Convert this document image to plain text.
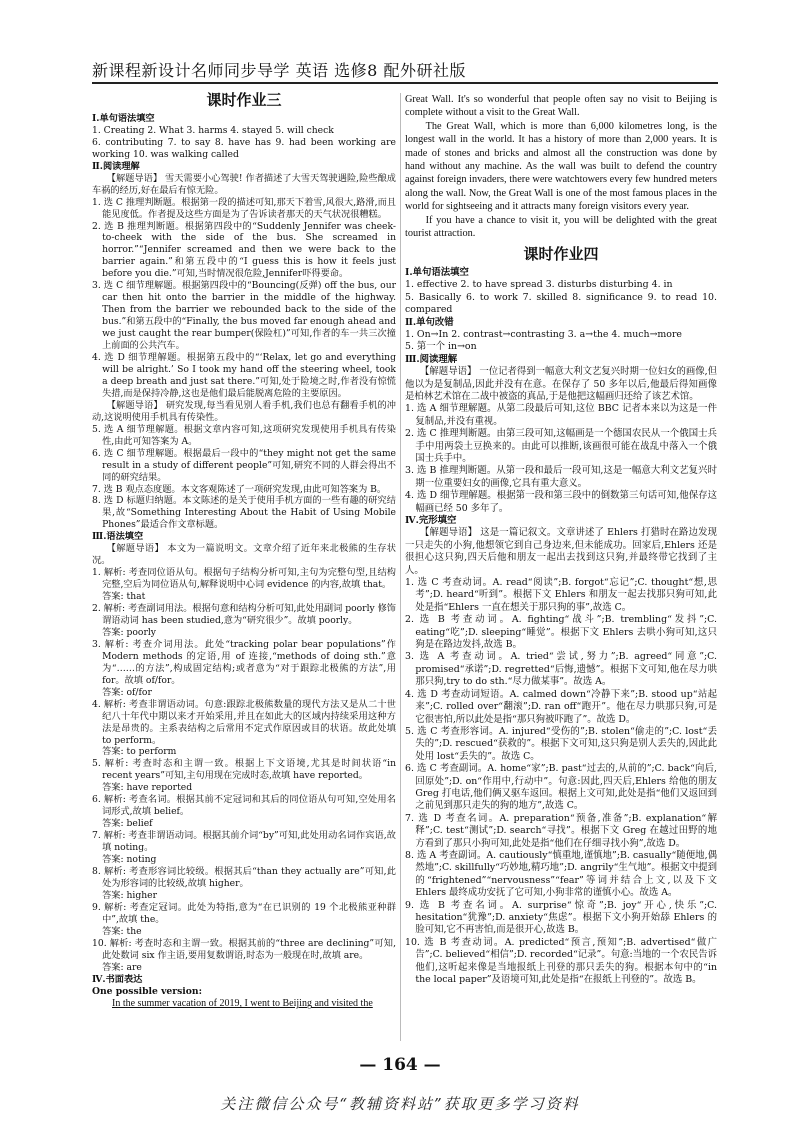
新课程新设计名师同步导学 英语 选修8 配外研社版
课时作业三

Ⅰ.单句语法填空

1. Creating 2. What 3. harms 4. stayed 5. will check

6. contributing 7. to say 8. have has 9. had been working are working 10. was walking called

Ⅱ.阅读理解

【解题导语】 雪天需要小心驾驶! 作者描述了大雪天驾驶遇险,险些酿成车祸的经历,好在最后有惊无险。

1. 选 C 推理判断题。根据第一段的描述可知,那天下着雪,风很大,路滑,而且能见度低。作者提及这些方面是为了告诉读者那天的天气状况很糟糕。

2. 选 B 推理判断题。根据第四段中的“Suddenly Jennifer was cheek-to-cheek with the side of the bus. She screamed in horror.”“Jennifer screamed and then we were back to the barrier again.”和第五段中的“I guess this is how it feels just before you die.”可知,当时情况很危险,Jennifer吓得要命。

3. 选 C 细节理解题。根据第四段中的“Bouncing(反弹) off the bus, our car then hit onto the barrier in the middle of the highway. Then from the barrier we rebounded back to the side of the bus.”和第五段中的“Finally, the bus moved far enough ahead and we just caught the rear bumper(保险杠)”可知,作者的车一共三次撞上前面的公共汽车。

4. 选 D 细节理解题。根据第五段中的“‘Relax, let go and everything will be alright.’ So I took my hand off the steering wheel, took a deep breath and just sat there.”可知,处于险境之时,作者没有惊慌失措,而是保持冷静,这也是他们最后能脱离危险的主要原因。

【解题导语】 研究发现,每当看见别人看手机,我们也总有翻看手机的冲动,这说明使用手机具有传染性。

5. 选 A 细节理解题。根据文章内容可知,这项研究发现使用手机具有传染性,由此可知答案为 A。

6. 选 C 细节理解题。根据最后一段中的“they might not get the same result in a study of different people”可知,研究不同的人群会得出不同的研究结果。

7. 选 B 观点态度题。本文客观陈述了一项研究发现,由此可知答案为 B。

8. 选 D 标题归纳题。本文陈述的是关于使用手机方面的一些有趣的研究结果,故“Something Interesting About the Habit of Using Mobile Phones”最适合作文章标题。

Ⅲ.语法填空

【解题导语】 本文为一篇说明文。文章介绍了近年来北极熊的生存状况。

1. 解析: 考查同位语从句。根据句子结构分析可知,主句为完整句型,且结构完整,空后为同位语从句,解释说明中心词 evidence 的内容,故填 that。

答案: that

2. 解析: 考查副词用法。根据句意和结构分析可知,此处用副词 poorly 修饰谓语动词 has been studied,意为“研究很少”。故填 poorly。

答案: poorly

3. 解析: 考查介词用法。此处“tracking polar bear populations”作 Modern methods 的定语,用 of 连接,“methods of doing sth.”意为“……的方法”,构成固定结构;或者意为“对于跟踪北极熊的方法”,用 for。故填 of/for。

答案: of/for

4. 解析: 考查非谓语动词。句意:跟踪北极熊数量的现代方法又是从二十世纪八十年代中期以来才开始采用,并且在如此大的区域内持续采用这种方法是昂贵的。主系表结构之后常用不定式作原因或目的状语。故此处填 to perform。

答案: to perform

5. 解析: 考查时态和主谓一致。根据上下文语境,尤其是时间状语“in recent years”可知,主句用现在完成时态,故填 have reported。

答案: have reported

6. 解析: 考查名词。根据其前不定冠词和其后的同位语从句可知,空处用名词形式,故填 belief。

答案: belief

7. 解析: 考查非谓语动词。根据其前介词“by”可知,此处用动名词作宾语,故填 noting。

答案: noting

8. 解析: 考查形容词比较级。根据其后“than they actually are”可知,此处为形容词的比较级,故填 higher。

答案: higher

9. 解析: 考查定冠词。此处为特指,意为“在已识别的 19 个北极熊亚种群中”,故填 the。

答案: the

10. 解析: 考查时态和主谓一致。根据其前的“three are declining”可知,此处数词 six 作主语,要用复数谓语,时态为一般现在时,故填 are。

答案: are

Ⅳ.书面表达

One possible version:

In the summer vacation of 2019, I went to Beijing and visited the

Great Wall. It's so wonderful that people often say no visit to Beijing is complete without a visit to the Great Wall.

The Great Wall, which is more than 6,000 kilometres long, is the longest wall in the world. It has a history of more than 2,000 years. It is made of stones and bricks and almost all the construction was done by hand without any machine. As the wall was built to defend the country against foreign invaders, there were watchtowers every few hundred meters along the wall. Now, the Great Wall is one of the most famous places in the world for sightseeing and it attracts many foreign visitors every year.

If you have a chance to visit it, you will be delighted with the great tourist attraction.

课时作业四

Ⅰ.单句语法填空

1. effective 2. to have spread 3. disturbs disturbing 4. in

5. Basically 6. to work 7. skilled 8. significance 9. to read 10. compared

Ⅱ.单句改错

1. On→In 2. contrast→contrasting 3. a→the 4. much→more

5. 第一个 in→on

Ⅲ.阅读理解

【解题导语】 一位记者得到一幅意大利文艺复兴时期一位妇女的画像,但他以为是复制品,因此并没有在意。在保存了 50 多年以后,他最后得知画像是柏林艺术馆在二战中被盗的真品,于是他把这幅画归还给了该艺术馆。

1. 选 A 细节理解题。从第二段最后可知,这位 BBC 记者本来以为这是一件复制品,并没有重视。

2. 选 C 推理判断题。由第三段可知,这幅画是一个德国农民从一个俄国士兵手中用两袋土豆换来的。由此可以推断,该画很可能在战乱中落入一个俄国士兵手中。

3. 选 B 推理判断题。从第一段和最后一段可知,这是一幅意大利文艺复兴时期一位重要妇女的画像,它具有重大意义。

4. 选 D 细节理解题。根据第一段和第三段中的倒数第三句话可知,他保存这幅画已经 50 多年了。

Ⅳ.完形填空

【解题导语】 这是一篇记叙文。文章讲述了 Ehlers 打猎时在路边发现一只走失的小狗,他想领它到自己身边来,但未能成功。回家后,Ehlers 还是很担心这只狗,四天后他和朋友一起出去找到这只狗,并最终带它找到了主人。

1. 选 C 考查动词。A. read“阅读”;B. forgot“忘记”;C. thought“想,思考”;D. heard“听到”。根据下文 Ehlers 和朋友一起去找那只狗可知,此处是指“Ehlers 一直在想关于那只狗的事”,故选 C。

2. 选 B 考查动词。A. fighting“战斗”;B. trembling“发抖”;C. eating“吃”;D. sleeping“睡觉”。根据下文 Ehlers 去哄小狗可知,这只狗是在路边发抖,故选 B。

3. 选 A 考查动词。A. tried“尝试,努力”;B. agreed“同意”;C. promised“承诺”;D. regretted“后悔,遗憾”。根据下文可知,他在尽力哄那只狗,try to do sth.“尽力做某事”。故选 A。

4. 选 D 考查动词短语。A. calmed down“冷静下来”;B. stood up“站起来”;C. rolled over“翻滚”;D. ran off“跑开”。他在尽力哄那只狗,可是它很害怕,所以此处是指“那只狗被吓跑了”。故选 D。

5. 选 C 考查形容词。A. injured“受伤的”;B. stolen“偷走的”;C. lost“丢失的”;D. rescued“获救的”。根据下文可知,这只狗是别人丢失的,因此此处用 lost“丢失的”。故选 C。

6. 选 C 考查副词。A. home“家”;B. past“过去的,从前的”;C. back“向后,回原处”;D. on“作用中,行动中”。句意:因此,四天后,Ehlers 给他的朋友 Greg 打电话,他们俩又驱车返回。根据上文可知,此处是指“他们又返回到之前见到那只走失的狗的地方”,故选 C。

7. 选 D 考查名词。A. preparation“预备,准备”;B. explanation“解释”;C. test“测试”;D. search“寻找”。根据下文 Greg 在越过田野的地方看到了那只小狗可知,此处是指“他们在仔细寻找小狗”,故选 D。

8. 选 A 考查副词。A. cautiously“慎重地,谨慎地”;B. casually“随便地,偶然地”;C. skillfully“巧妙地,精巧地”;D. angrily“生气地”。根据文中提到的“frightened”“nervousness”“fear”等词并结合上文,以及下文 Ehlers 最终成功安抚了它可知,小狗非常的谨慎小心。故选 A。

9. 选 B 考查名词。A. surprise“惊奇”;B. joy“开心,快乐”;C. hesitation“犹豫”;D. anxiety“焦虑”。根据下文小狗开始舔 Ehlers 的脸可知,它不再害怕,而是很开心,故选 B。

10. 选 B 考查动词。A. predicted“预言,预知”;B. advertised“做广告”;C. believed“相信”;D. recorded“记录”。句意:当地的一个农民告诉他们,这听起来像是当地报纸上刊登的那只丢失的狗。根据本句中的“in the local paper”及语境可知,此处是指“在报纸上刊登的”。故选 B。

— 164 —
关注微信公众号“教辅资料站”获取更多学习资料
